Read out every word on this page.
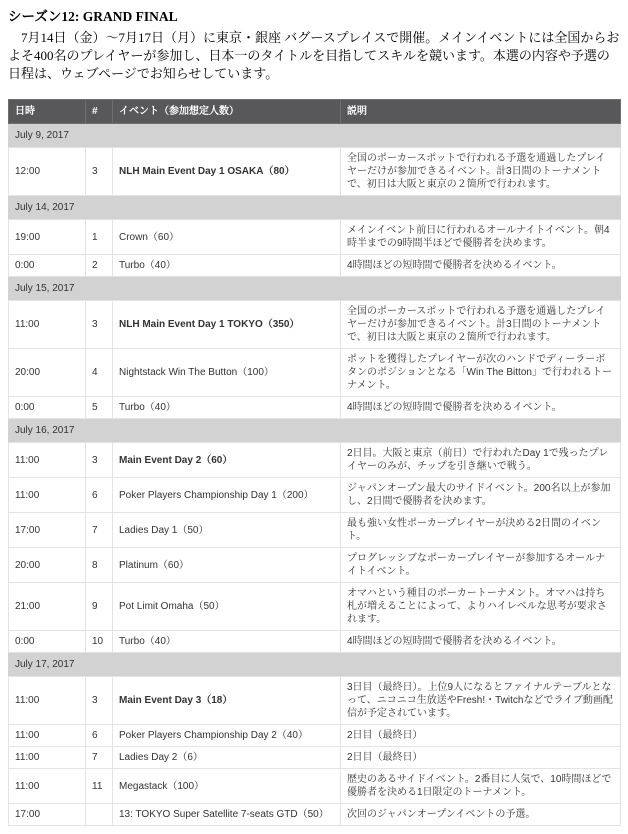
シーズン12: GRAND FINAL

　7月14日（金）～7月17日（月）に東京・銀座 バグースプレイスで開催。メインイベントには全国からおよそ400名のプレイヤーが参加し、日本一のタイトルを目指してスキルを競います。本選の内容や予選の日程は、ウェブページでお知らせしています。

日時	#	イベント（参加想定人数）	説明
July 9, 2017			
12:00	3	NLH Main Event Day 1 OSAKA（80）	全国のポーカースポットで行われる予選を通過したプレイヤーだけが参加できるイベント。計3日間のトーナメントで、初日は大阪と東京の２箇所で行われます。
July 14, 2017			
19:00	1	Crown（60）	メインイベント前日に行われるオールナイトイベント。朝4時半までの9時間半ほどで優勝者を決めます。
0:00	2	Turbo（40）	4時間ほどの短時間で優勝者を決めるイベント。
July 15, 2017			
11:00	3	NLH Main Event Day 1 TOKYO（350）	全国のポーカースポットで行われる予選を通過したプレイヤーだけが参加できるイベント。計3日間のトーナメントで、初日は大阪と東京の２箇所で行われます。
20:00	4	Nightstack Win The Button（100）	ポットを獲得したプレイヤーが次のハンドでディーラーボタンのポジションとなる「Win The Bitton」で行われるトーナメント。
0:00	5	Turbo（40）	4時間ほどの短時間で優勝者を決めるイベント。
July 16, 2017			
11:00	3	Main Event Day 2（60）	2日目。大阪と東京（前日）で行われたDay 1で残ったプレイヤーのみが、チップを引き継いで戦う。
11:00	6	Poker Players Championship Day 1（200）	ジャパンオープン最大のサイドイベント。200名以上が参加し、2日間で優勝者を決めます。
17:00	7	Ladies Day 1（50）	最も強い女性ポーカープレイヤーが決める2日間のイベント。
20:00	8	Platinum（60）	プログレッシブなポーカープレイヤーが参加するオールナイトイベント。
21:00	9	Pot Limit Omaha（50）	オマハという種目のポーカートーナメント。オマハは持ち札が増えることによって、よりハイレベルな思考が要求されます。
0:00	10	Turbo（40）	4時間ほどの短時間で優勝者を決めるイベント。
July 17, 2017			
11:00	3	Main Event Day 3（18）	3日目（最終日）。上位9人になるとファイナルテーブルとなって、ニコニコ生放送やFresh!・Twitchなどでライブ動画配信が予定されています。
11:00	6	Poker Players Championship Day 2（40）	2日目（最終日）
11:00	7	Ladies Day 2（6）	2日目（最終日）
11:00	11	Megastack（100）	歴史のあるサイドイベント。2番目に人気で、10時間ほどで優勝者を決める1日限定のトーナメント。
17:00		13: TOKYO Super Satellite 7-seats GTD（50）	次回のジャパンオープンイベントの予選。
